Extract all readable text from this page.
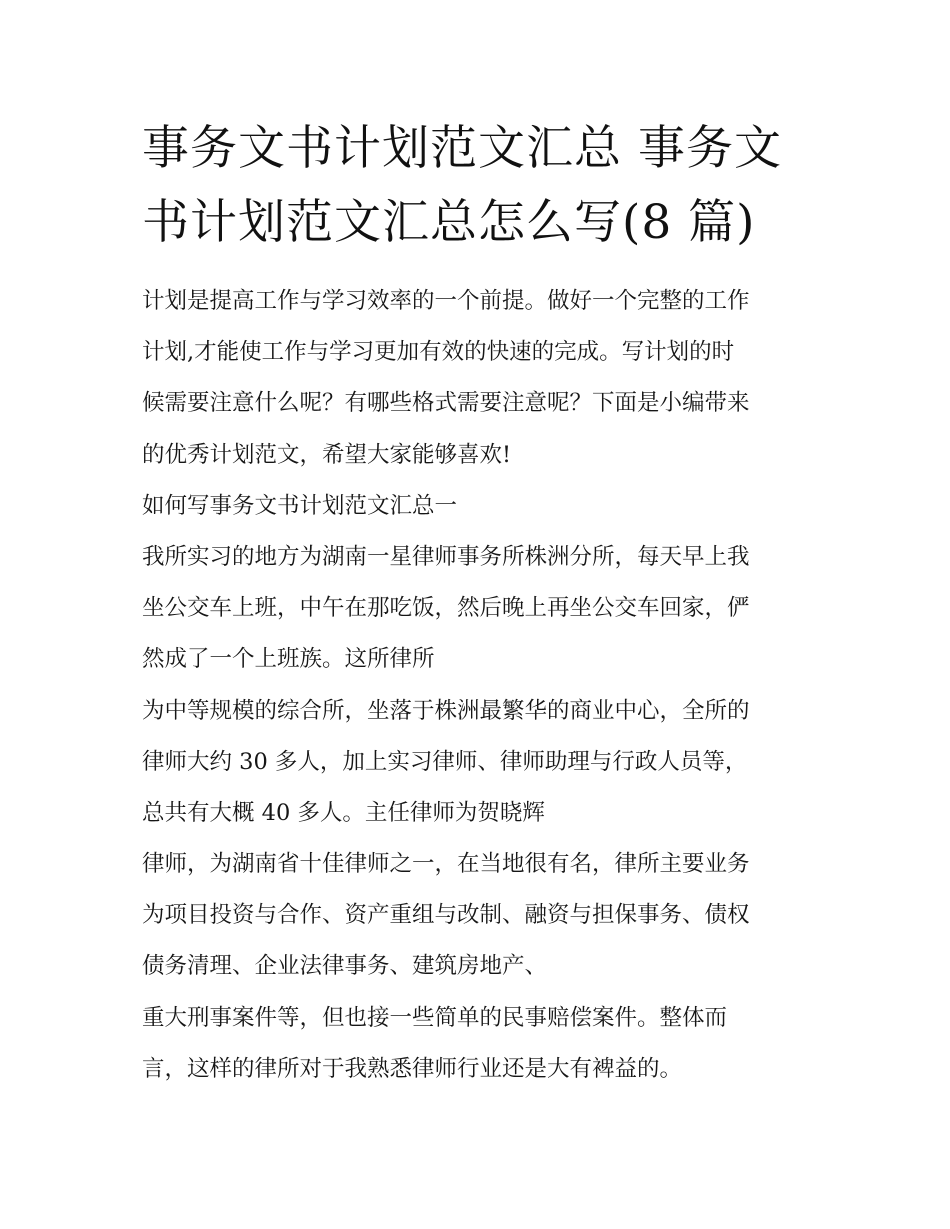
事务文书计划范文汇总 事务文
书计划范文汇总怎么写(8 篇)
计划是提高工作与学习效率的一个前提。做好一个完整的工作
计划,才能使工作与学习更加有效的快速的完成。写计划的时
候需要注意什么呢？有哪些格式需要注意呢？下面是小编带来
的优秀计划范文，希望大家能够喜欢!
如何写事务文书计划范文汇总一
我所实习的地方为湖南一星律师事务所株洲分所，每天早上我
坐公交车上班，中午在那吃饭，然后晚上再坐公交车回家，俨
然成了一个上班族。这所律所
为中等规模的综合所，坐落于株洲最繁华的商业中心，全所的
律师大约 30 多人，加上实习律师、律师助理与行政人员等，
总共有大概 40 多人。主任律师为贺晓辉
律师，为湖南省十佳律师之一，在当地很有名，律所主要业务
为项目投资与合作、资产重组与改制、融资与担保事务、债权
债务清理、企业法律事务、建筑房地产、
重大刑事案件等，但也接一些简单的民事赔偿案件。整体而
言，这样的律所对于我熟悉律师行业还是大有裨益的。
